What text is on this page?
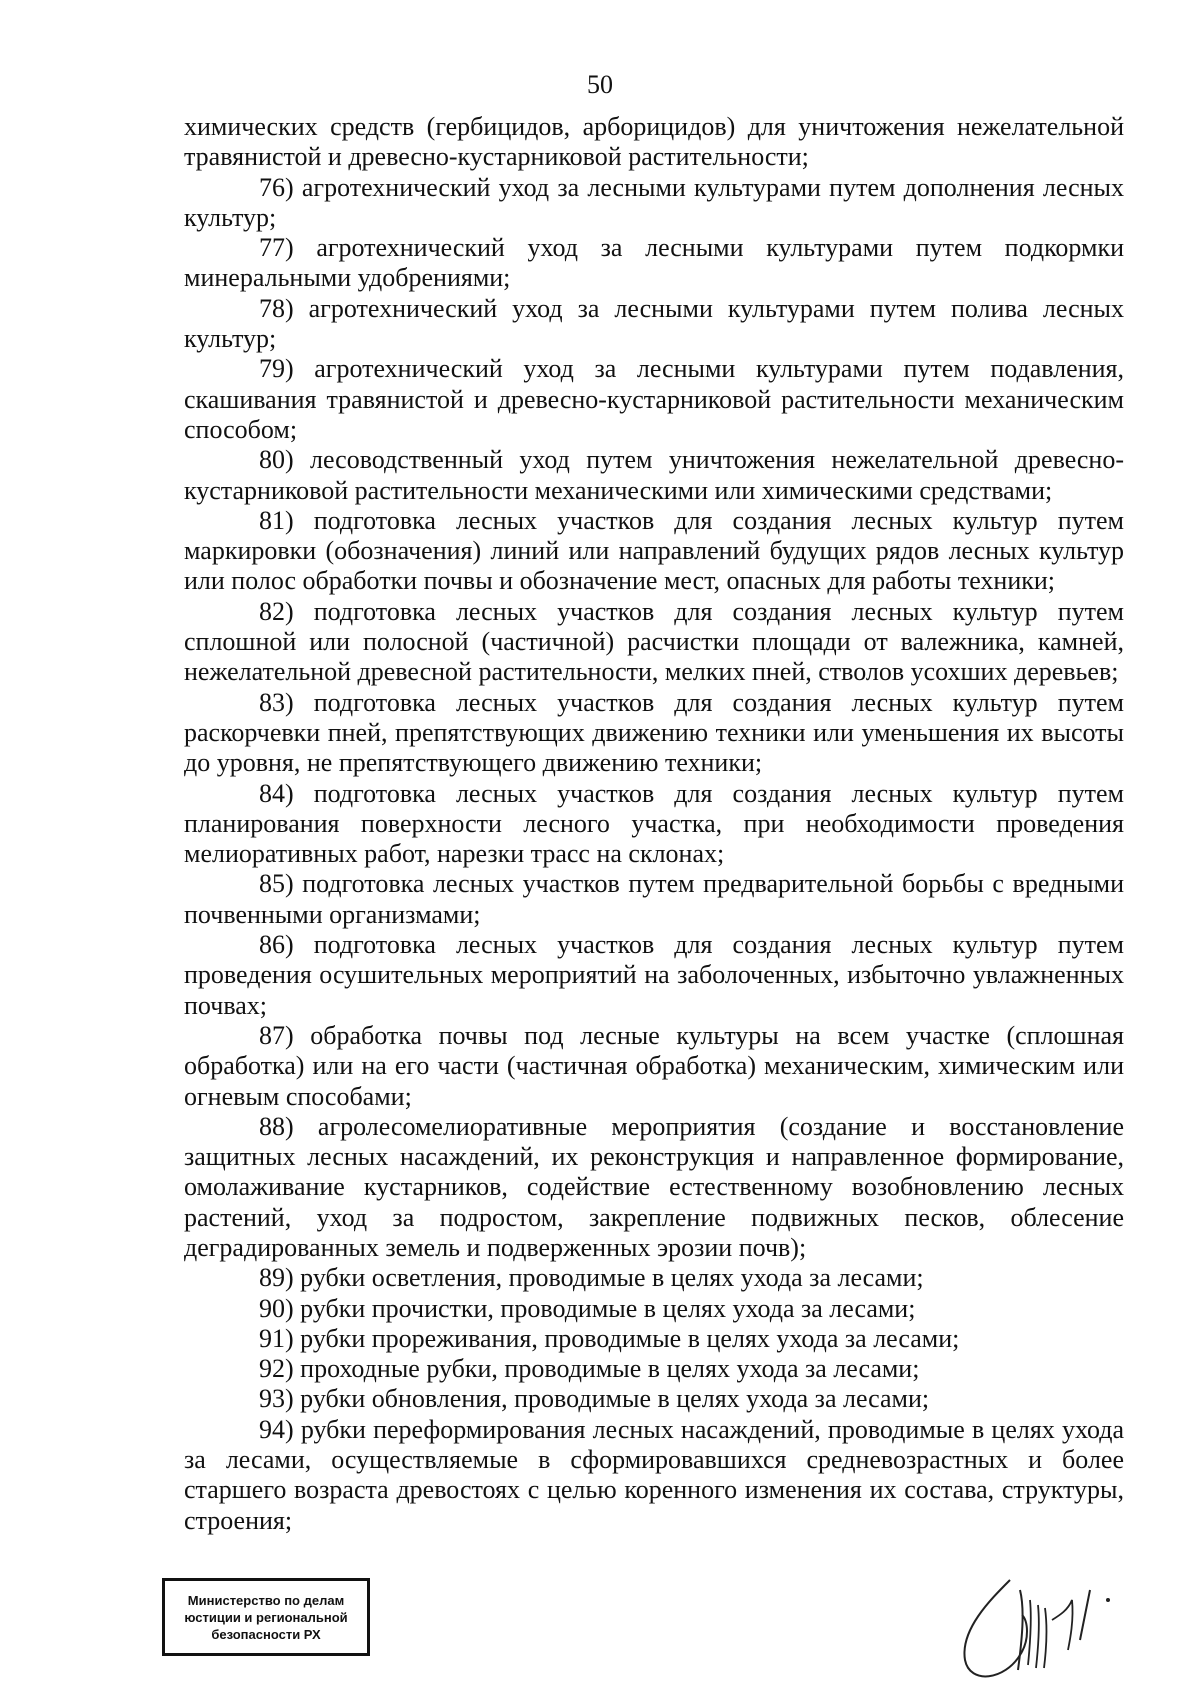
50

химических средств (гербицидов, арборицидов) для уничтожения нежелательной травянистой и древесно-кустарниковой растительности;

76) агротехнический уход за лесными культурами путем дополнения лесных культур;

77) агротехнический уход за лесными культурами путем подкормки минеральными удобрениями;

78) агротехнический уход за лесными культурами путем полива лесных культур;

79) агротехнический уход за лесными культурами путем подавления, скашивания травянистой и древесно-кустарниковой растительности механическим способом;

80) лесоводственный уход путем уничтожения нежелательной древесно-кустарниковой растительности механическими или химическими средствами;

81) подготовка лесных участков для создания лесных культур путем маркировки (обозначения) линий или направлений будущих рядов лесных культур или полос обработки почвы и обозначение мест, опасных для работы техники;

82) подготовка лесных участков для создания лесных культур путем сплошной или полосной (частичной) расчистки площади от валежника, камней, нежелательной древесной растительности, мелких пней, стволов усохших деревьев;

83) подготовка лесных участков для создания лесных культур путем раскорчевки пней, препятствующих движению техники или уменьшения их высоты до уровня, не препятствующего движению техники;

84) подготовка лесных участков для создания лесных культур путем планирования поверхности лесного участка, при необходимости проведения мелиоративных работ, нарезки трасс на склонах;

85) подготовка лесных участков путем предварительной борьбы с вредными почвенными организмами;

86) подготовка лесных участков для создания лесных культур путем проведения осушительных мероприятий на заболоченных, избыточно увлажненных почвах;

87) обработка почвы под лесные культуры на всем участке (сплошная обработка) или на его части (частичная обработка) механическим, химическим или огневым способами;

88) агролесомелиоративные мероприятия (создание и восстановление защитных лесных насаждений, их реконструкция и направленное формирование, омолаживание кустарников, содействие естественному возобновлению лесных растений, уход за подростом, закрепление подвижных песков, облесение деградированных земель и подверженных эрозии почв);

89) рубки осветления, проводимые в целях ухода за лесами;

90) рубки прочистки, проводимые в целях ухода за лесами;

91) рубки прореживания, проводимые в целях ухода за лесами;

92) проходные рубки, проводимые в целях ухода за лесами;

93) рубки обновления, проводимые в целях ухода за лесами;

94) рубки переформирования лесных насаждений, проводимые в целях ухода за лесами, осуществляемые в сформировавшихся средневозрастных и более старшего возраста древостоях с целью коренного изменения их состава, структуры, строения;

Министерство по делам
юстиции и региональной
безопасности РХ
